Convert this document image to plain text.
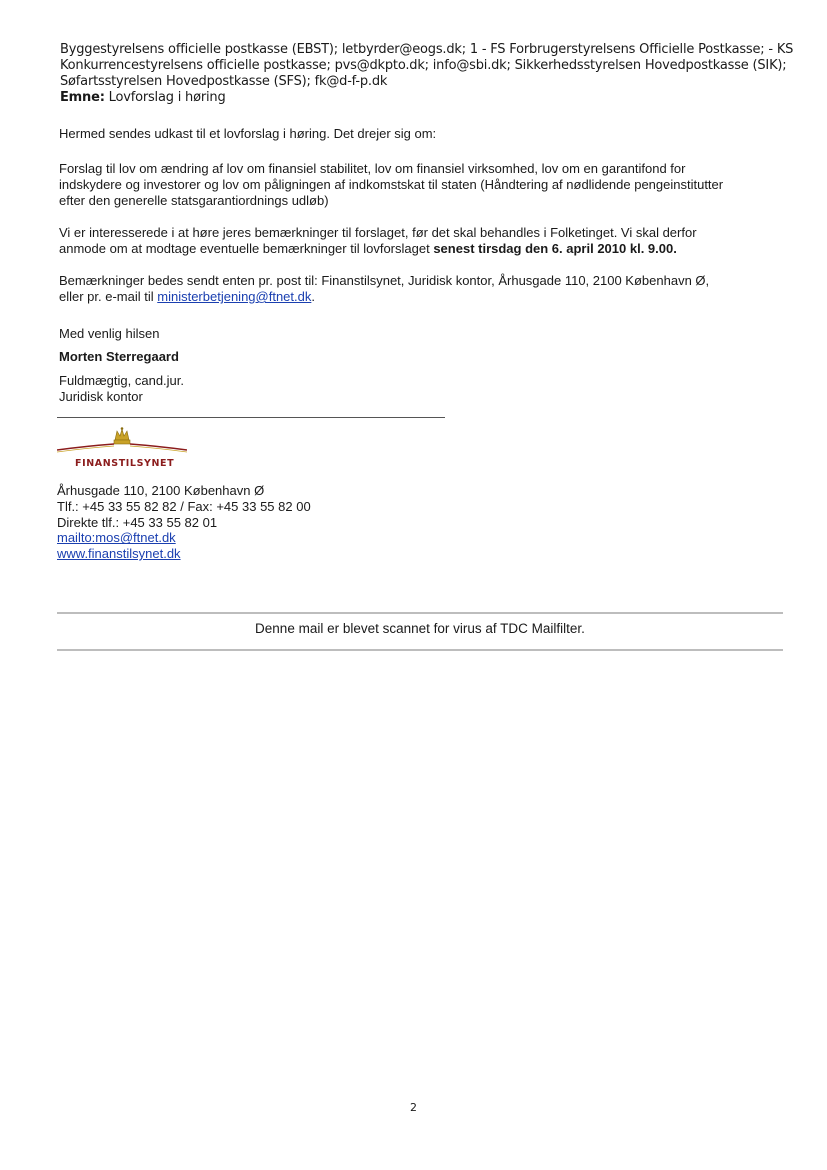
Byggestyrelsens officielle postkasse (EBST); letbyrder@eogs.dk; 1 - FS Forbrugerstyrelsens Officielle Postkasse; - KS
Konkurrencestyrelsens officielle postkasse; pvs@dkpto.dk; info@sbi.dk; Sikkerhedsstyrelsen Hovedpostkasse (SIK);
Søfartsstyrelsen Hovedpostkasse (SFS); fk@d-f-p.dk
Emne: Lovforslag i høring
Hermed sendes udkast til et lovforslag i høring. Det drejer sig om:
Forslag til lov om ændring af lov om finansiel stabilitet, lov om finansiel virksomhed, lov om en garantifond for
indskydere og investorer og lov om påligningen af indkomstskat til staten (Håndtering af nødlidende pengeinstitutter
efter den generelle statsgarantiordnings udløb)
Vi er interesserede i at høre jeres bemærkninger til forslaget, før det skal behandles i Folketinget. Vi skal derfor
anmode om at modtage eventuelle bemærkninger til lovforslaget senest tirsdag den 6. april 2010 kl. 9.00.
Bemærkninger bedes sendt enten pr. post til: Finanstilsynet, Juridisk kontor, Århusgade 110, 2100 København Ø,
eller pr. e-mail til ministerbetjening@ftnet.dk.
Med venlig hilsen
Morten Sterregaard
Fuldmægtig, cand.jur.
Juridisk kontor
FINANSTILSYNET
Århusgade 110, 2100 København Ø
Tlf.: +45 33 55 82 82 / Fax: +45 33 55 82 00
Direkte tlf.: +45 33 55 82 01
mailto:mos@ftnet.dk
www.finanstilsynet.dk
Denne mail er blevet scannet for virus af TDC Mailfilter.
2
